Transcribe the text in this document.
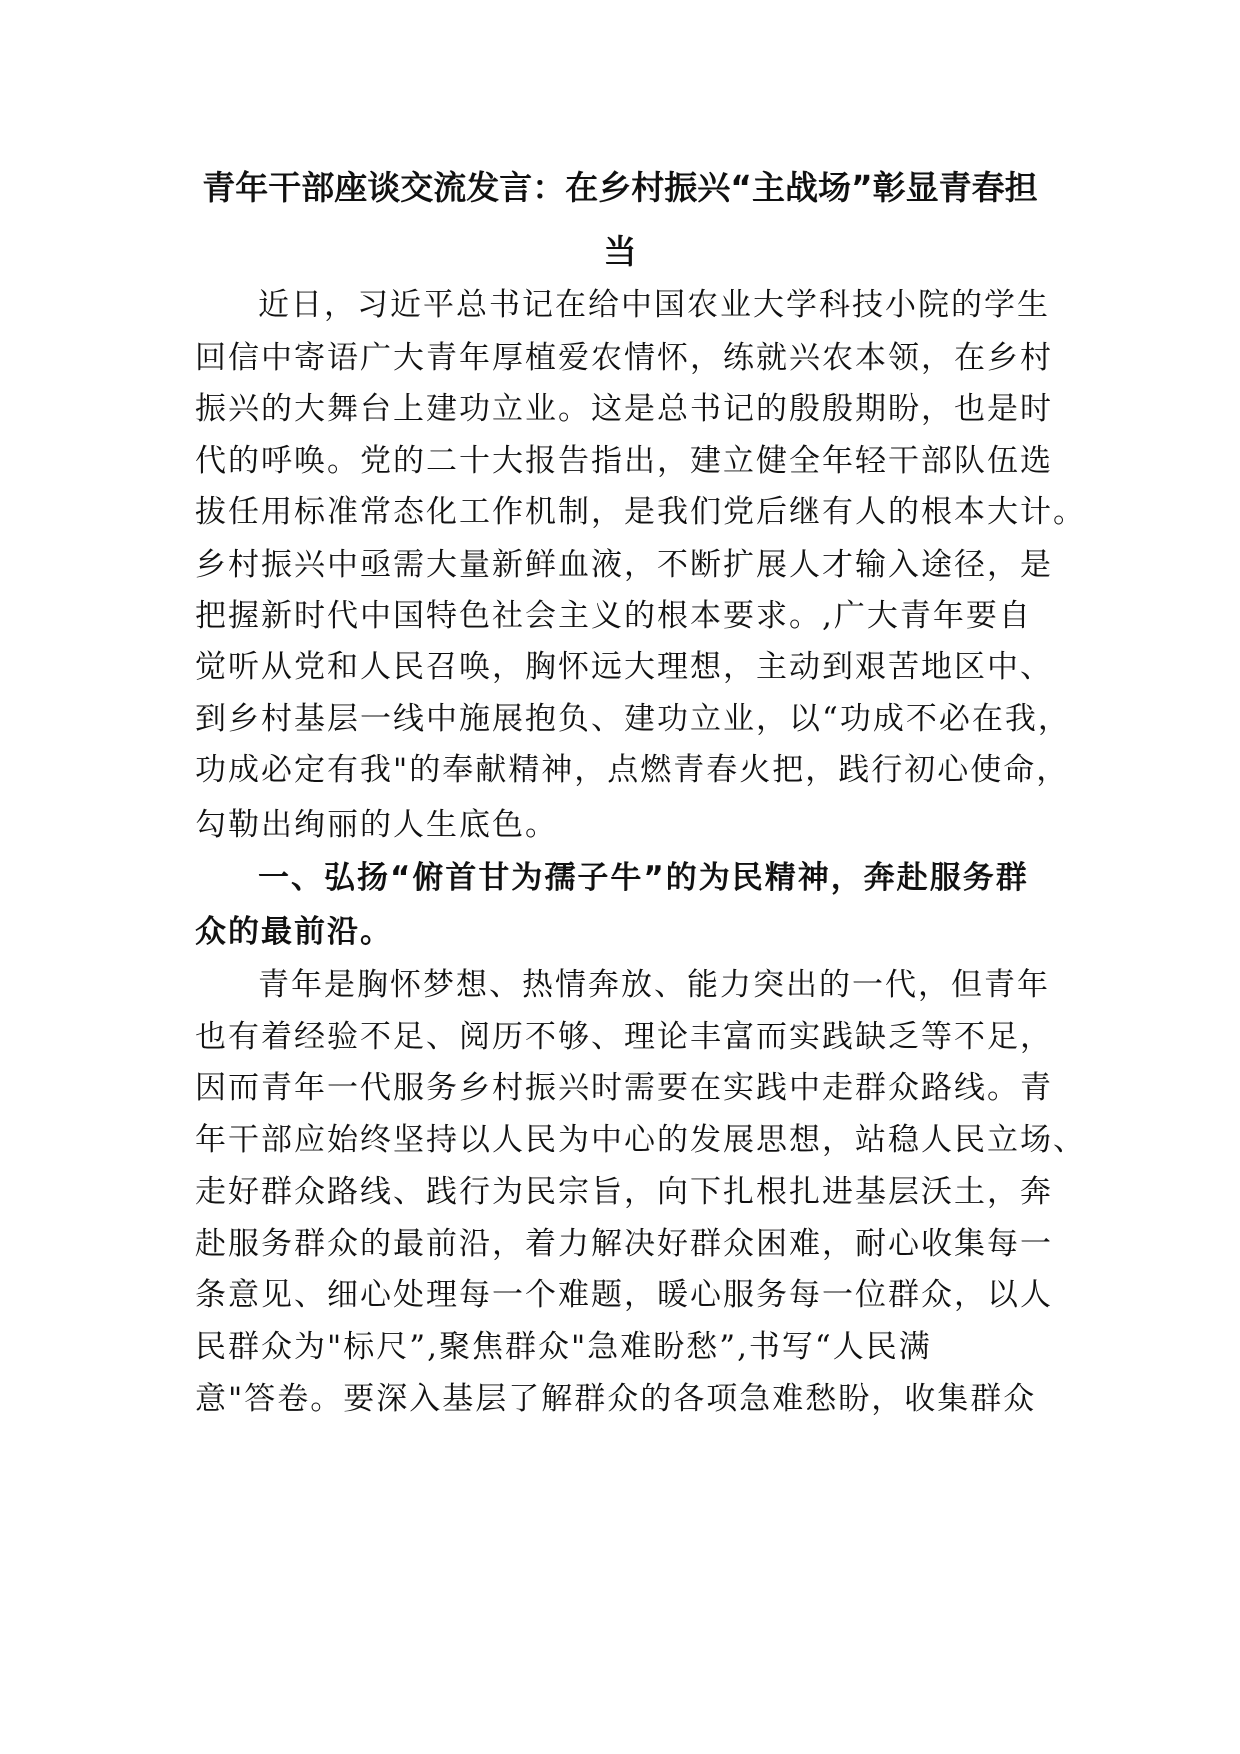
青年干部座谈交流发言：在乡村振兴“主战场”彰显青春担
当

近日，习近平总书记在给中国农业大学科技小院的学生

回信中寄语广大青年厚植爱农情怀，练就兴农本领，在乡村

振兴的大舞台上建功立业。这是总书记的殷殷期盼，也是时

代的呼唤。党的二十大报告指出，建立健全年轻干部队伍选

拔任用标准常态化工作机制，是我们党后继有人的根本大计。

乡村振兴中亟需大量新鲜血液，不断扩展人才输入途径，是

把握新时代中国特色社会主义的根本要求。,广大青年要自

觉听从党和人民召唤，胸怀远大理想，主动到艰苦地区中、

到乡村基层一线中施展抱负、建功立业，以“功成不必在我，

功成必定有我"的奉献精神，点燃青春火把，践行初心使命，

勾勒出绚丽的人生底色。

一、弘扬“俯首甘为孺子牛”的为民精神，奔赴服务群

众的最前沿。

青年是胸怀梦想、热情奔放、能力突出的一代，但青年

也有着经验不足、阅历不够、理论丰富而实践缺乏等不足，

因而青年一代服务乡村振兴时需要在实践中走群众路线。青

年干部应始终坚持以人民为中心的发展思想，站稳人民立场、

走好群众路线、践行为民宗旨，向下扎根扎进基层沃土，奔

赴服务群众的最前沿，着力解决好群众困难，耐心收集每一

条意见、细心处理每一个难题，暖心服务每一位群众，以人

民群众为"标尺”,聚焦群众"急难盼愁”,书写“人民满

意"答卷。要深入基层了解群众的各项急难愁盼，收集群众
